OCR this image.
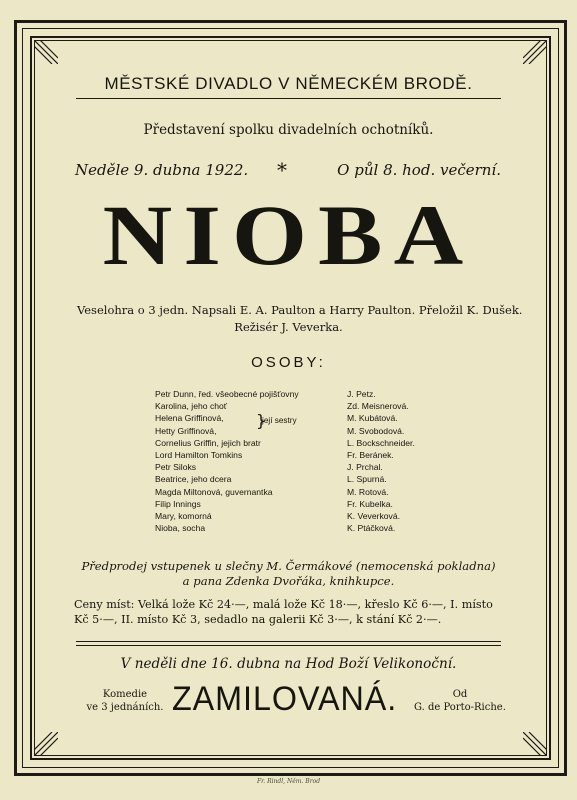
MĚSTSKÉ DIVADLO V NĚMECKÉM BRODĚ.
Představení spolku divadelních ochotníků.
Neděle 9. dubna 1922. *	O půl 8. hod. večerní.
NIOBA
Veselohra o 3 jedn. Napsali E. A. Paulton a Harry Paulton. Přeložil K. Dušek.
Režisér J. Veverka.
OSOBY:
Petr Dunn, řed. všeobecné pojišťovny	J. Petz.
Karolina, jeho choť	Zd. Meisnerová.
Helena Griffinová,	M. Kubátová.
Hetty Griffinová,	M. Svobodová.
Cornelius Griffin, jejich bratr	L. Bockschneider.
Lord Hamilton Tomkins	Fr. Beránek.
Petr Siloks	J. Prchal.
Beatrice, jeho dcera	L. Spurná.
Magda Miltonová, guvernantka	M. Rotová.
Filip Innings	Fr. Kubelka.
Mary, komorná	K. Veverková.
Nioba, socha	K. Ptáčková.
}
její sestry
Předprodej vstupenek u slečny M. Čermákové (nemocenská pokladna)
a pana Zdenka Dvořáka, knihkupce.
Ceny míst: Velká lože Kč 24·—, malá lože Kč 18·—, křeslo Kč 6·—, I. místo
Kč 5·—, II. místo Kč 3, sedadlo na galerii Kč 3·—, k stání Kč 2·—.
V neděli dne 16. dubna na Hod Boží Velikonoční.
Komedie
ve 3 jednáních. ZAMILOVANÁ.	Od
G. de Porto-Riche.
Fr. Rindl, Něm. Brod
